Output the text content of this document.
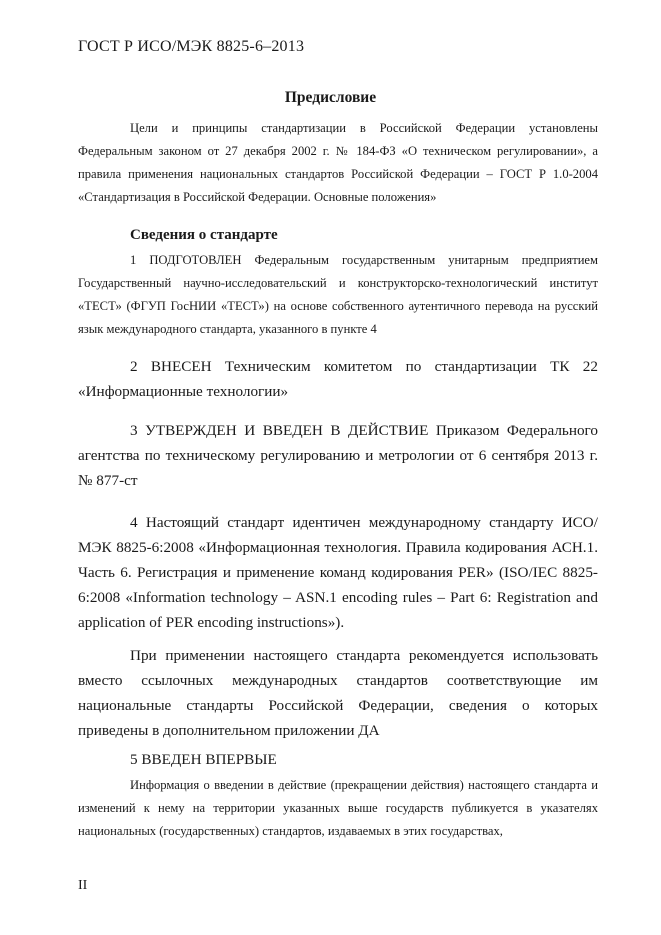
ГОСТ Р ИСО/МЭК 8825-6–2013
Предисловие
Цели и принципы стандартизации в Российской Федерации установлены Федеральным законом от 27 декабря 2002 г. № 184-ФЗ «О техническом регулировании», а правила применения национальных стандартов Российской Федерации – ГОСТ Р 1.0-2004 «Стандартизация в Российской Федерации. Основные положения»
Сведения о стандарте
1 ПОДГОТОВЛЕН Федеральным государственным унитарным предприятием Государственный научно-исследовательский и конструкторско-технологический институт «ТЕСТ» (ФГУП ГосНИИ «ТЕСТ») на основе собственного аутентичного перевода на русский язык международного стандарта, указанного в пункте 4
2 ВНЕСЕН Техническим комитетом по стандартизации ТК 22 «Информационные технологии»
3 УТВЕРЖДЕН И ВВЕДЕН В ДЕЙСТВИЕ Приказом Федерального агентства по техническому регулированию и метрологии от 6 сентября 2013 г. № 877-ст
4 Настоящий стандарт идентичен международному стандарту ИСО/МЭК 8825-6:2008 «Информационная технология. Правила кодирования АСН.1. Часть 6. Регистрация и применение команд кодирования PER» (ISO/IEC 8825-6:2008 «Information technology – ASN.1 encoding rules – Part 6: Registration and application of PER encoding instructions»).
При применении настоящего стандарта рекомендуется использовать вместо ссылочных международных стандартов соответствующие им национальные стандарты Российской Федерации, сведения о которых приведены в дополнительном приложении ДА
5 ВВЕДЕН ВПЕРВЫЕ
Информация о введении в действие (прекращении действия) настоящего стандарта и изменений к нему на территории указанных выше государств публикуется в указателях национальных (государственных) стандартов, издаваемых в этих государствах,
II
